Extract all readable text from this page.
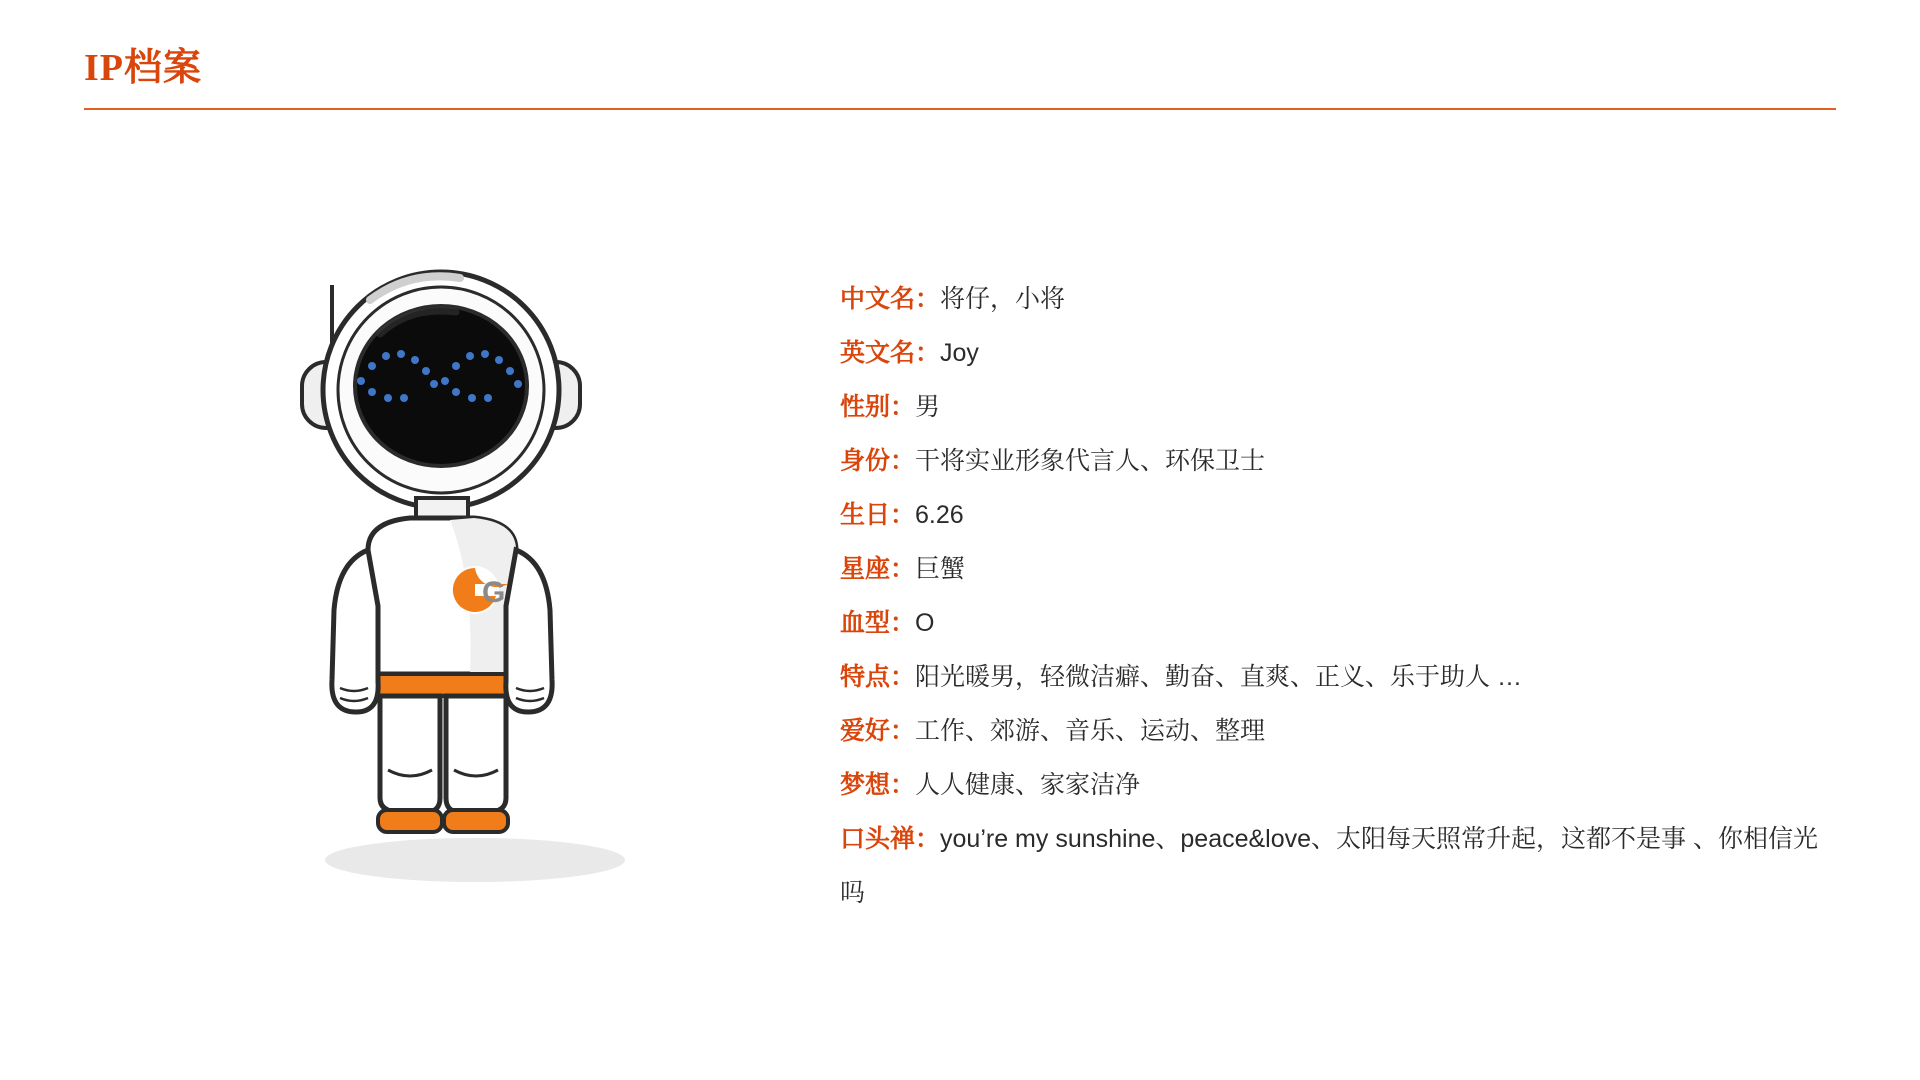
IP档案
G
中文名：将仔，小将
英文名：Joy
性别：男
身份：干将实业形象代言人、环保卫士
生日：6.26
星座：巨蟹
血型：O
特点：阳光暖男，轻微洁癖、勤奋、直爽、正义、乐于助人 …
爱好：工作、郊游、音乐、运动、整理
梦想：人人健康、家家洁净
口头禅：you’re my sunshine、peace&love、太阳每天照常升起，这都不是事 、你相信光吗
